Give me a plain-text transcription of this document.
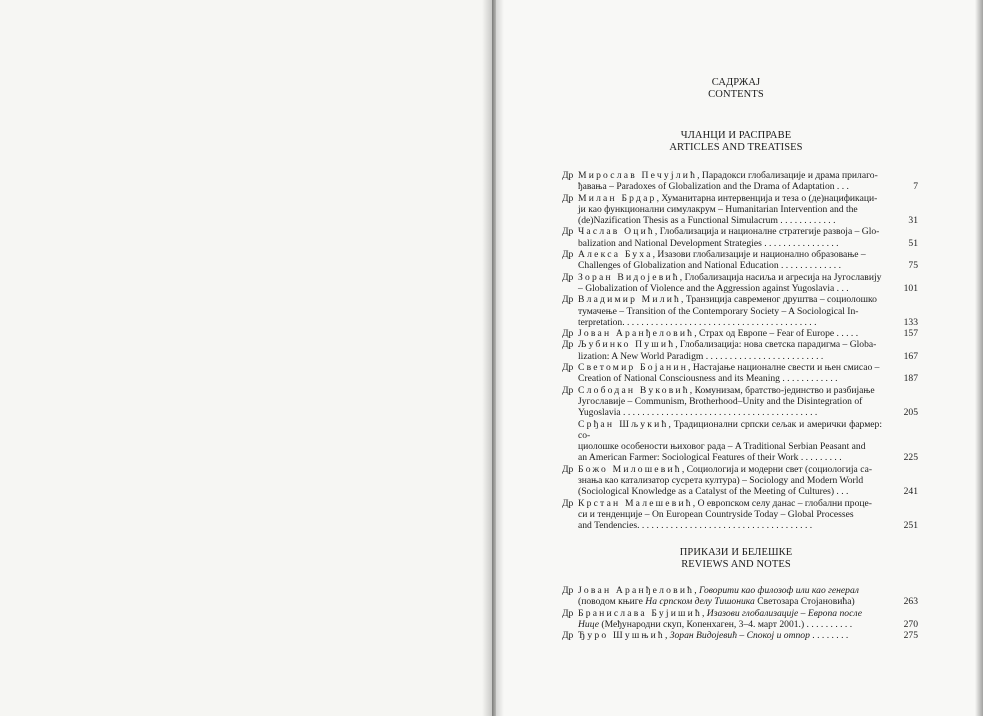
САДРЖАЈ
CONTENTS
ЧЛАНЦИ И РАСПРАВЕ
ARTICLES AND TREATISES
Др Мирослав Печујлић, Парадокси глобализације и драма прилаго-
ђавања – Paradoxes of Globalization and the Drama of Adaptation . . .	7
Др Милан Брдар, Хуманитарна интервенција и теза о (де)нацификаци-
ји као функционални симулакрум – Humanitarian Intervention and the
(de)Nazification Thesis as a Functional Simulacrum . . . . . . . . . . . .	31
Др Часлав Оцић, Глобализација и националне стратегије развоја – Glo-
balization and National Development Strategies . . . . . . . . . . . . . . . .	51
Др Алекса Буха, Изазови глобализације и национално образовање –
Challenges of Globalization and National Education . . . . . . . . . . . . .	75
Др Зоран Видојевић, Глобализација насиља и агресија на Југославију
– Globalization of Violence and the Aggression against Yugoslavia . . .	101
Др Владимир Милић, Транзиција савременог друштва – социолошко
тумачење – Transition of the Contemporary Society – A Sociological In-
terpretation. . . . . . . . . . . . . . . . . . . . . . . . . . . . . . . . . . . . . . . . .	133
Др Јован Аранђеловић, Страх од Европе – Fear of Europe . . . . .	157
Др Љубинко Пушић, Глобализација: нова светска парадигма – Globa-
lization: A New World Paradigm . . . . . . . . . . . . . . . . . . . . . . . . .	167
Др Светомир Бојанин, Настајање националне свести и њен смисао –
Creation of National Consciousness and its Meaning . . . . . . . . . . . .	187
Др Слободан Вуковић, Комунизам, братство-јединство и разбијање
Југославије – Communism, Brotherhood–Unity and the Disintegration of
Yugoslavia . . . . . . . . . . . . . . . . . . . . . . . . . . . . . . . . . . . . . . . . .	205
Срђан Шљукић, Традиционални српски сељак и амерички фармер: со-
циолошке особености њиховог рада – A Traditional Serbian Peasant and
an American Farmer: Sociological Features of their Work . . . . . . . . .	225
Др Божо Милошевић, Социологија и модерни свет (социологија са-
знања као катализатор сусрета култура) – Sociology and Modern World
(Sociological Knowledge as a Catalyst of the Meeting of Cultures) . . .	241
Др Крстан Малешевић, О европском селу данас – глобални проце-
си и тенденције – On European Countryside Today – Global Processes
and Tendencies. . . . . . . . . . . . . . . . . . . . . . . . . . . . . . . . . . . . .	251
ПРИКАЗИ И БЕЛЕШКЕ
REVIEWS AND NOTES
Др Јован Аранђеловић, Говорити као филозоф или као генерал
(поводом књиге На српском делу Тишоника Светозара Стојановића)	263
Др Бранислава Бујишић, Изазови глобализације – Европа после
Нице (Међународни скуп, Копенхаген, 3–4. март 2001.) . . . . . . . . . .	270
Др Ђуро Шушњић, Зоран Видојевић – Спокој и отпор . . . . . . . .	275
